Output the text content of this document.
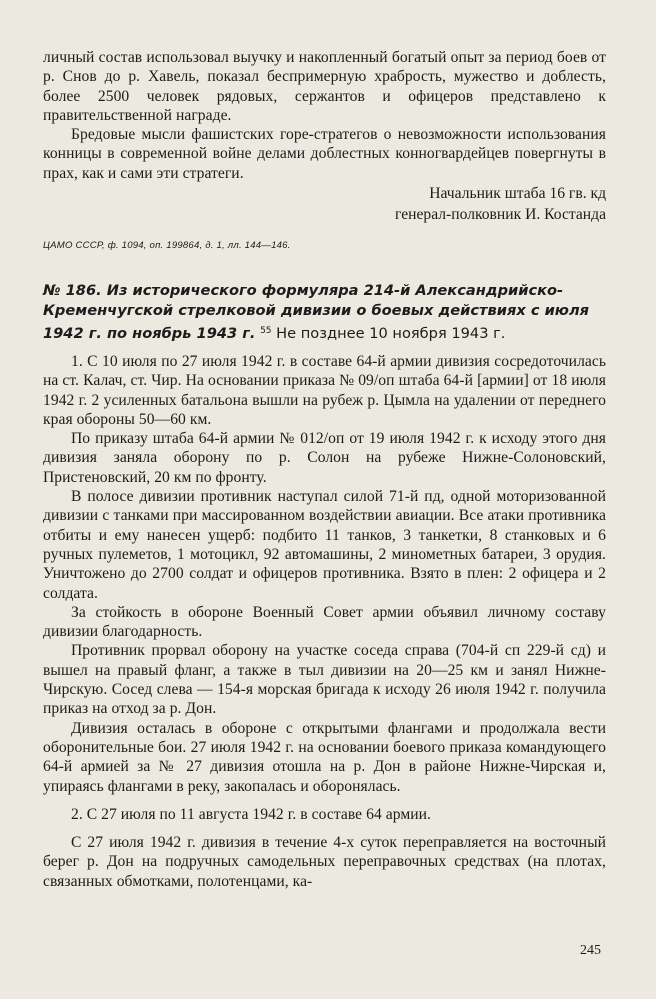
личный состав использовал выучку и накопленный богатый опыт за период боев от р. Снов до р. Хавель, показал беспримерную храбрость, мужество и доблесть, более 2500 человек рядовых, сержантов и офицеров представлено к правительственной награде.

Бредовые мысли фашистских горе-стратегов о невозможности использования конницы в современной войне делами доблестных конногвардейцев повергнуты в прах, как и сами эти стратеги.

Начальник штаба 16 гв. кд

генерал-полковник И. Костанда

ЦАМО СССР, ф. 1094, оп. 199864, д. 1, лл. 144—146.

№ 186. Из исторического формуляра 214-й Александрийско-Кременчугской стрелковой дивизии о боевых действиях с июля 1942 г. по ноябрь 1943 г. $^{55}$ Не позднее 10 ноября 1943 г.

1. С 10 июля по 27 июля 1942 г. в составе 64-й армии дивизия сосредоточилась на ст. Калач, ст. Чир. На основании приказа № 09/оп штаба 64-й [армии] от 18 июля 1942 г. 2 усиленных батальона вышли на рубеж р. Цымла на удалении от переднего края обороны 50—60 км.

По приказу штаба 64-й армии № 012/оп от 19 июля 1942 г. к исходу этого дня дивизия заняла оборону по р. Солон на рубеже Нижне-Солоновский, Пристеновский, 20 км по фронту.

В полосе дивизии противник наступал силой 71-й пд, одной моторизованной дивизии с танками при массированном воздействии авиации. Все атаки противника отбиты и ему нанесен ущерб: подбито 11 танков, 3 танкетки, 8 станковых и 6 ручных пулеметов, 1 мотоцикл, 92 автомашины, 2 минометных батареи, 3 орудия. Уничтожено до 2700 солдат и офицеров противника. Взято в плен: 2 офицера и 2 солдата.

За стойкость в обороне Военный Совет армии объявил личному составу дивизии благодарность.

Противник прорвал оборону на участке соседа справа (704-й сп 229-й сд) и вышел на правый фланг, а также в тыл дивизии на 20—25 км и занял Нижне-Чирскую. Сосед слева — 154-я морская бригада к исходу 26 июля 1942 г. получила приказ на отход за р. Дон.

Дивизия осталась в обороне с открытыми флангами и продолжала вести оборонительные бои. 27 июля 1942 г. на основании боевого приказа командующего 64-й армией за № 27 дивизия отошла на р. Дон в районе Нижне-Чирская и, упираясь флангами в реку, закопалась и оборонялась.

2. С 27 июля по 11 августа 1942 г. в составе 64 армии.

С 27 июля 1942 г. дивизия в течение 4-х суток переправляется на восточный берег р. Дон на подручных самодельных переправочных средствах (на плотах, связанных обмотками, полотенцами, ка-

245
